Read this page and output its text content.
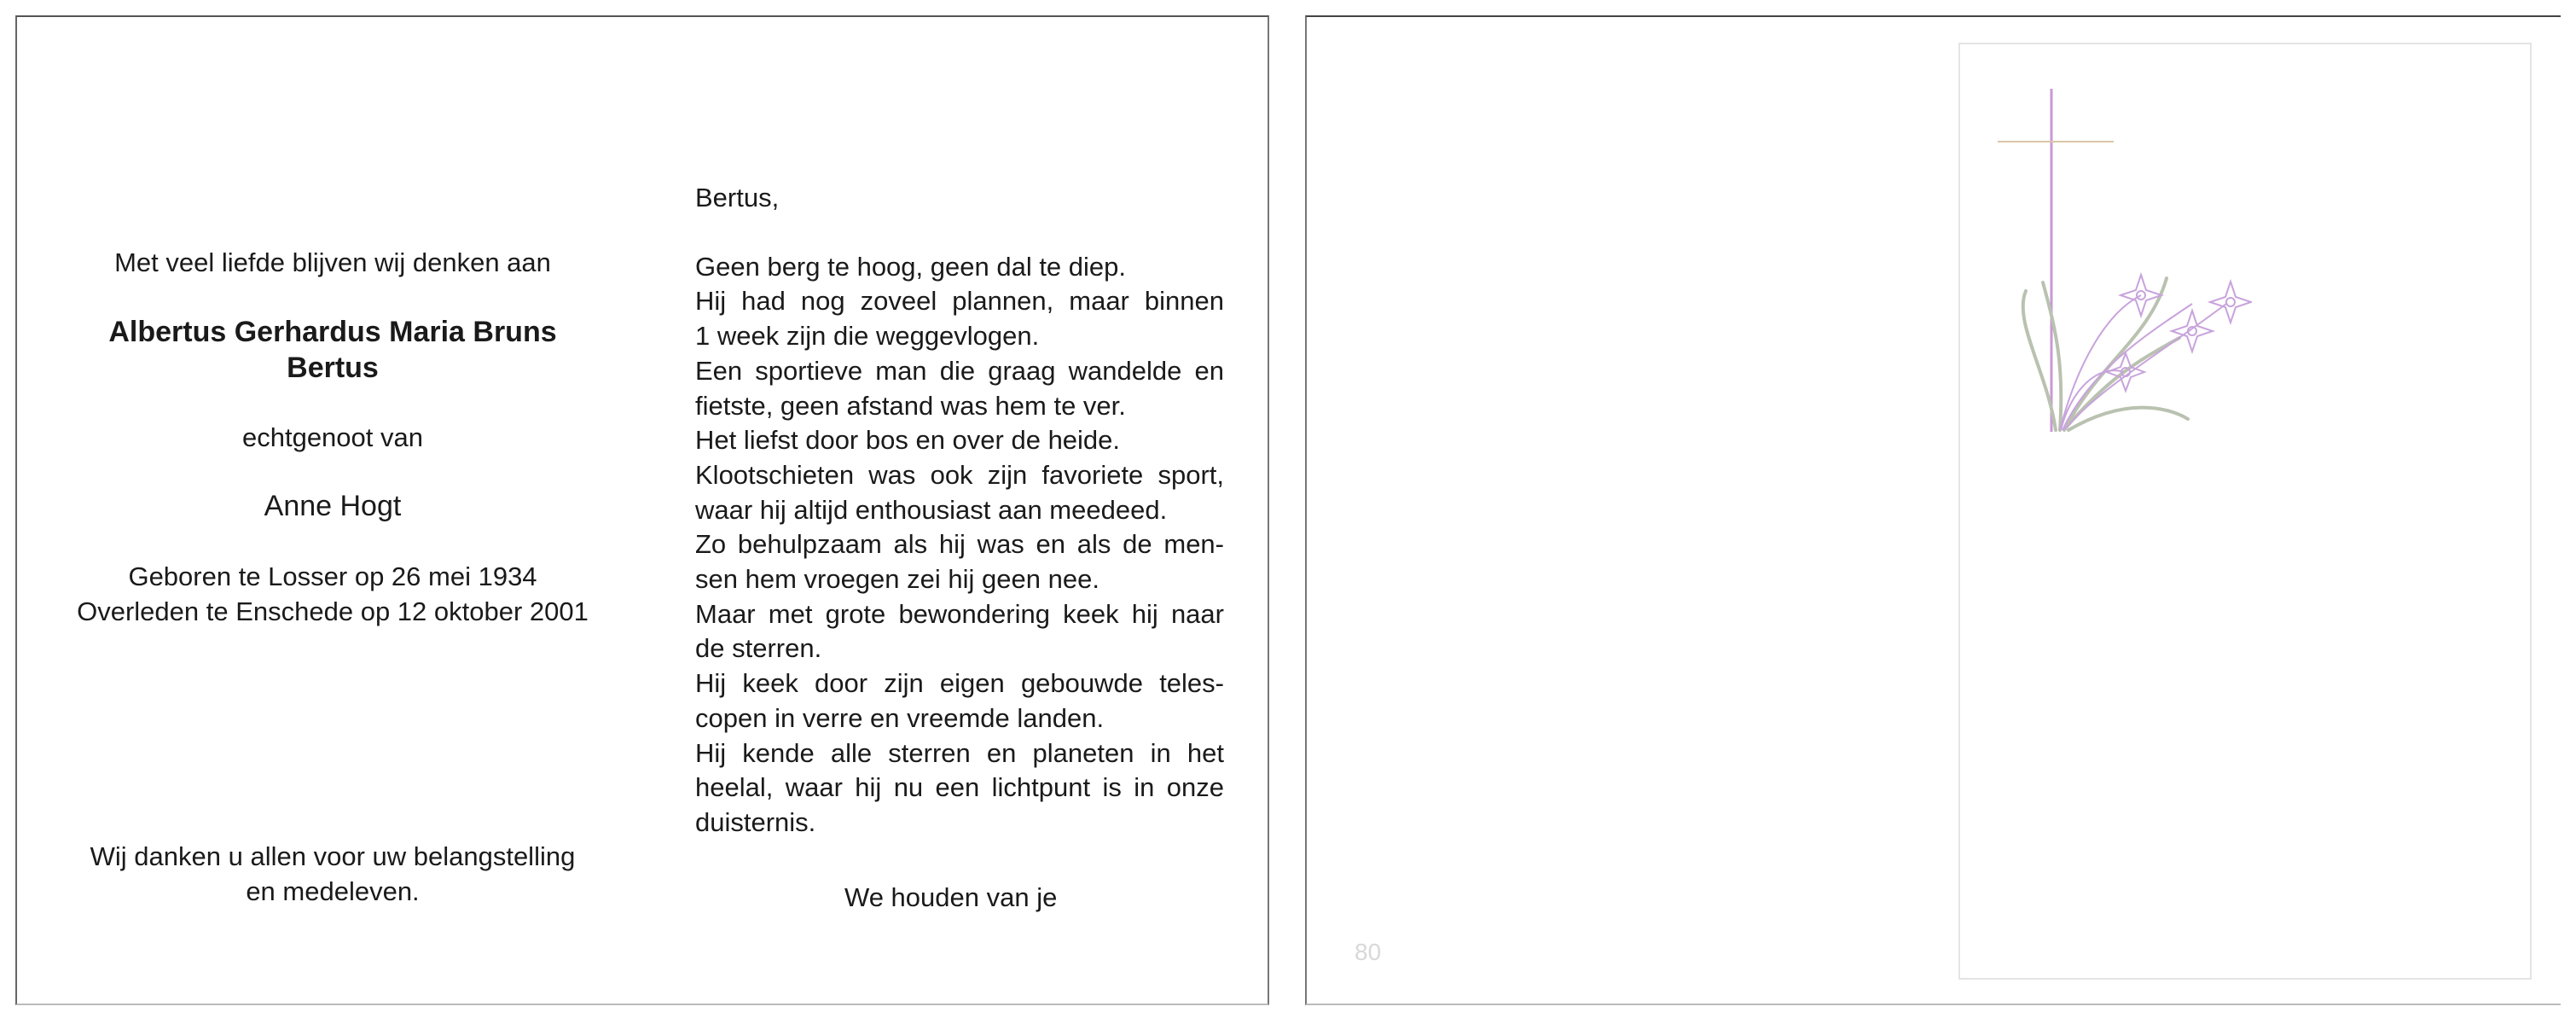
Met veel liefde blijven wij denken aan
Albertus Gerhardus Maria Bruns
Bertus
echtgenoot van
Anne Hogt
Geboren te Losser op 26 mei 1934
Overleden te Enschede op 12 oktober 2001
Wij danken u allen voor uw belangstelling
en medeleven.
Bertus,
Geen berg te hoog, geen dal te diep.
Hij had nog zoveel plannen, maar binnen
1 week zijn die weggevlogen.
Een sportieve man die graag wandelde en
fietste, geen afstand was hem te ver.
Het liefst door bos en over de heide.
Klootschieten was ook zijn favoriete sport,
waar hij altijd enthousiast aan meedeed.
Zo behulpzaam als hij was en als de men-
sen hem vroegen zei hij geen nee.
Maar met grote bewondering keek hij naar
de sterren.
Hij keek door zijn eigen gebouwde teles-
copen in verre en vreemde landen.
Hij kende alle sterren en planeten in het
heelal, waar hij nu een lichtpunt is in onze
duisternis.
We houden van je
80
